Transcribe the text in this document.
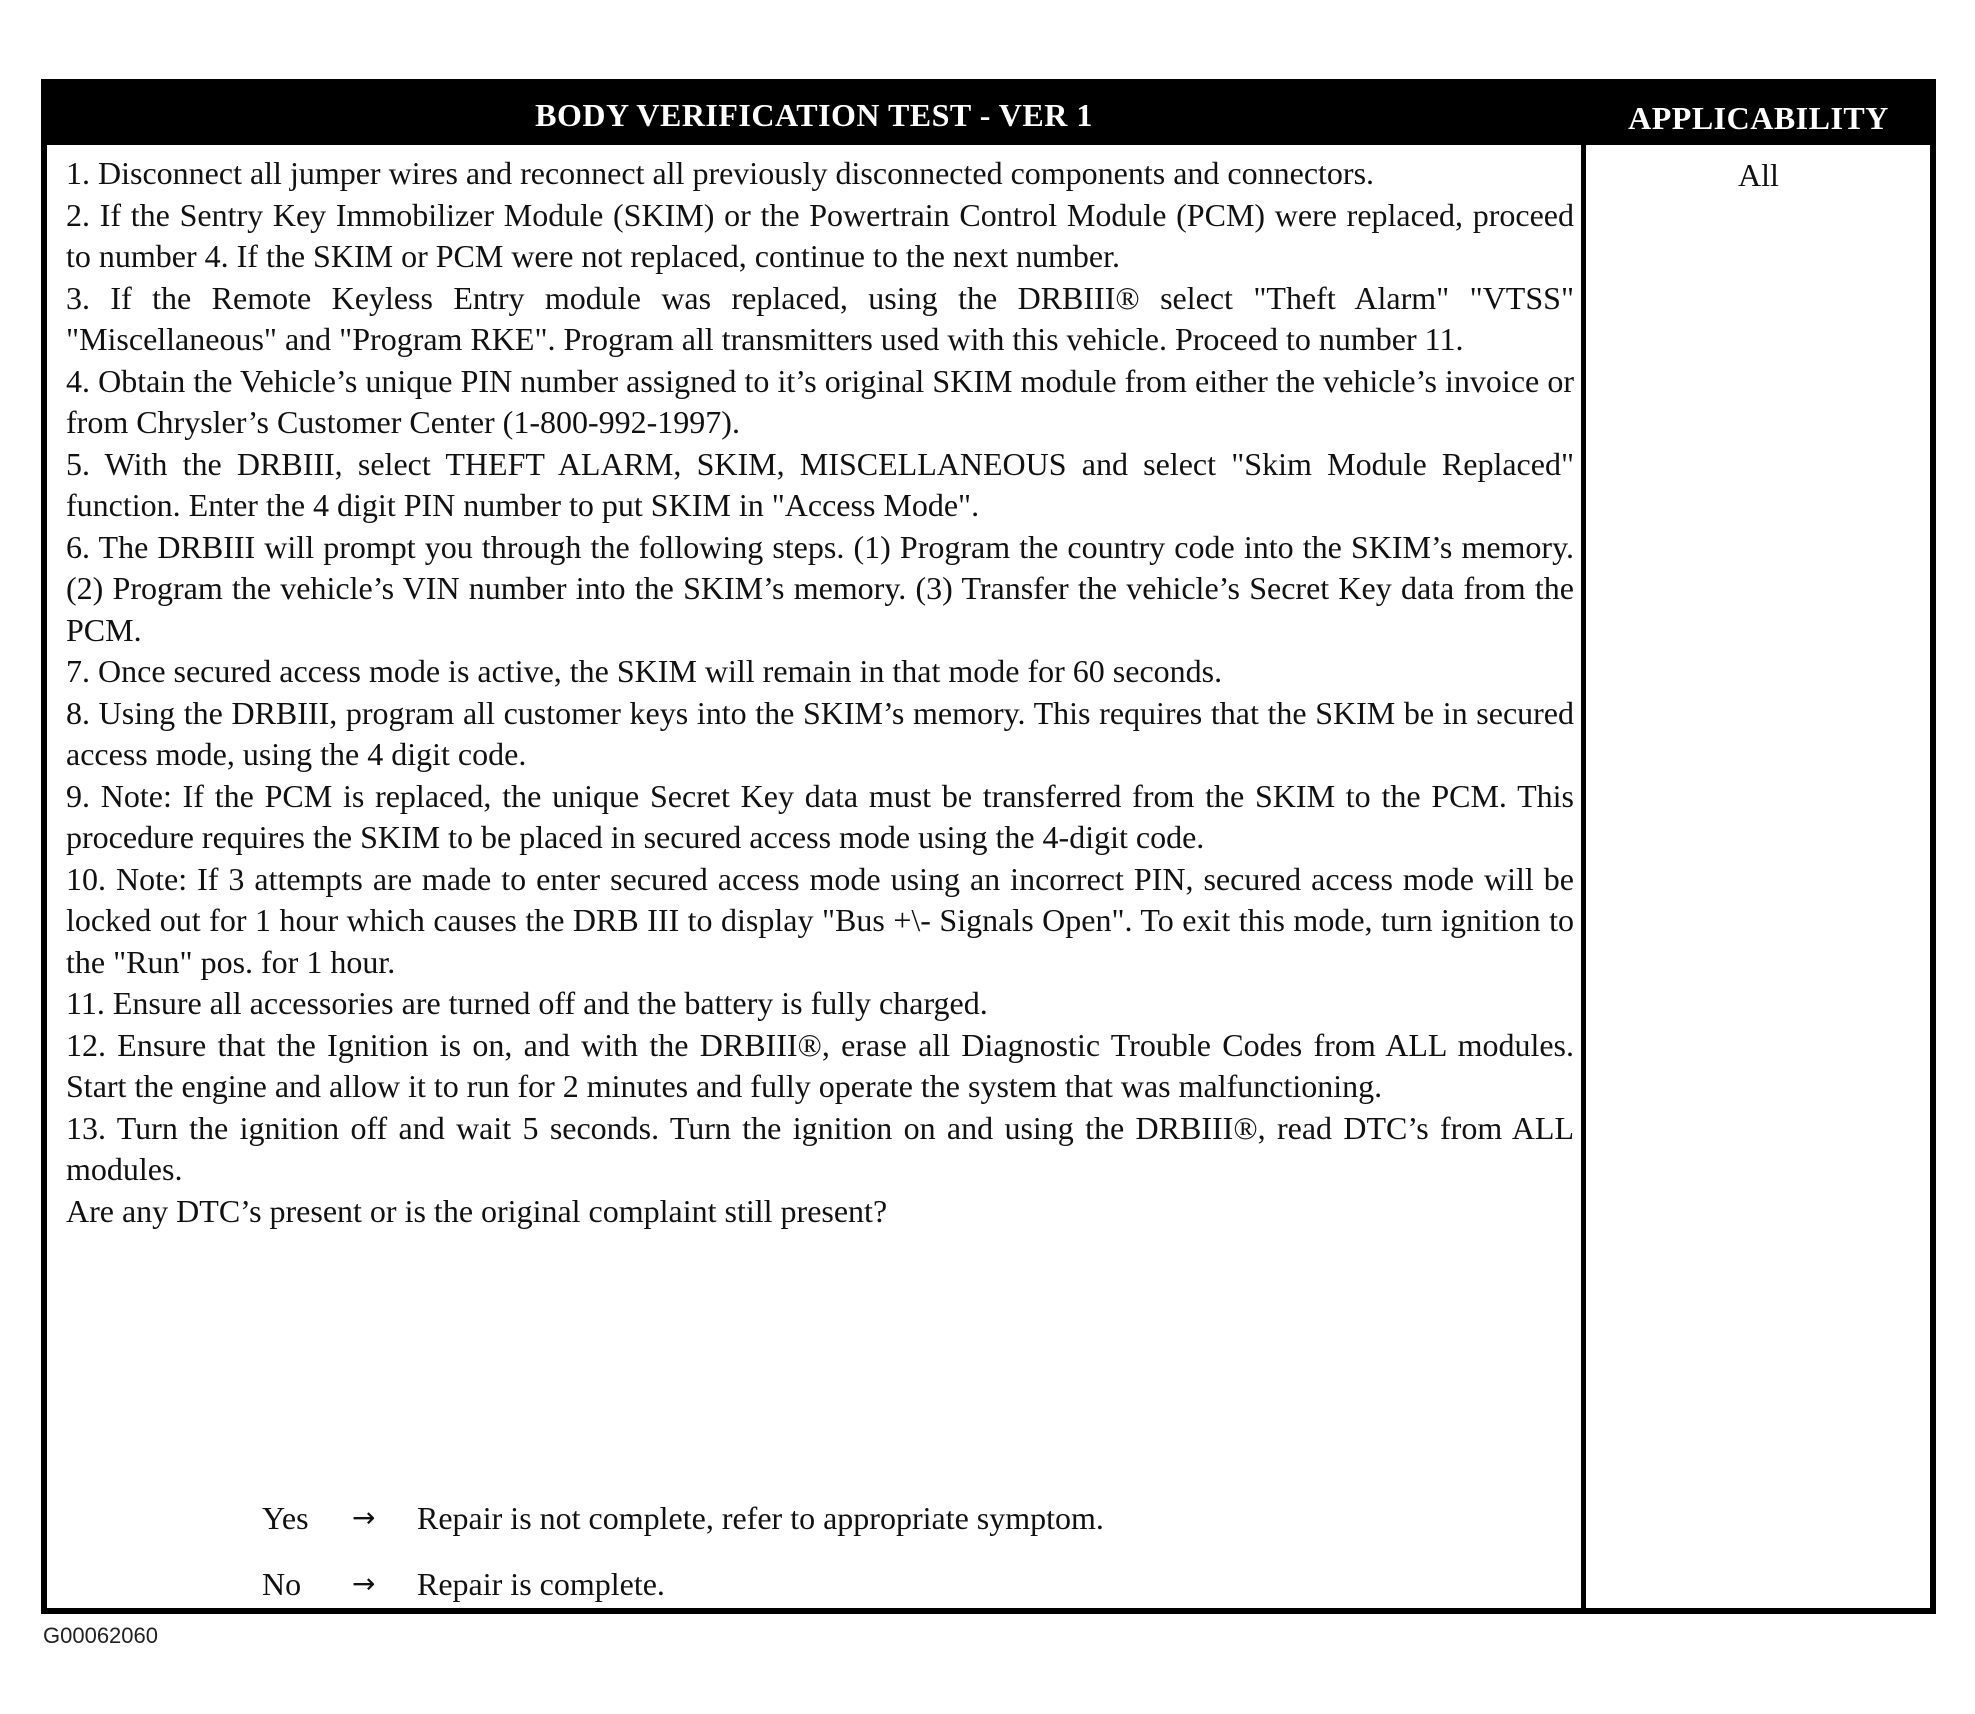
BODY VERIFICATION TEST - VER 1	APPLICABILITY

1. Disconnect all jumper wires and reconnect all previously disconnected components and connectors.

2. If the Sentry Key Immobilizer Module (SKIM) or the Powertrain Control Module (PCM) were replaced, proceed to number 4. If the SKIM or PCM were not replaced, continue to the next number.

3. If the Remote Keyless Entry module was replaced, using the DRBIII® select "Theft Alarm" "VTSS" "Miscellaneous" and "Program RKE". Program all transmitters used with this vehicle. Proceed to number 11.

4. Obtain the Vehicle’s unique PIN number assigned to it’s original SKIM module from either the vehicle’s invoice or from Chrysler’s Customer Center (1-800-992-1997).

5. With the DRBIII, select THEFT ALARM, SKIM, MISCELLANEOUS and select "Skim Module Replaced" function. Enter the 4 digit PIN number to put SKIM in "Access Mode".

6. The DRBIII will prompt you through the following steps. (1) Program the country code into the SKIM’s memory. (2) Program the vehicle’s VIN number into the SKIM’s memory. (3) Transfer the vehicle’s Secret Key data from the PCM.

7. Once secured access mode is active, the SKIM will remain in that mode for 60 seconds.

8. Using the DRBIII, program all customer keys into the SKIM’s memory. This requires that the SKIM be in secured access mode, using the 4 digit code.

9. Note: If the PCM is replaced, the unique Secret Key data must be transferred from the SKIM to the PCM. This procedure requires the SKIM to be placed in secured access mode using the 4-digit code.

10. Note: If 3 attempts are made to enter secured access mode using an incorrect PIN, secured access mode will be locked out for 1 hour which causes the DRB III to display "Bus +\- Signals Open". To exit this mode, turn ignition to the "Run" pos. for 1 hour.

11. Ensure all accessories are turned off and the battery is fully charged.

12. Ensure that the Ignition is on, and with the DRBIII®, erase all Diagnostic Trouble Codes from ALL modules. Start the engine and allow it to run for 2 minutes and fully operate the system that was malfunctioning.

13. Turn the ignition off and wait 5 seconds. Turn the ignition on and using the DRBIII®, read DTC’s from ALL modules.

Are any DTC’s present or is the original complaint still present?

Yes	→	Repair is not complete, refer to appropriate symptom.
No	→	Repair is complete.
All
G00062060
